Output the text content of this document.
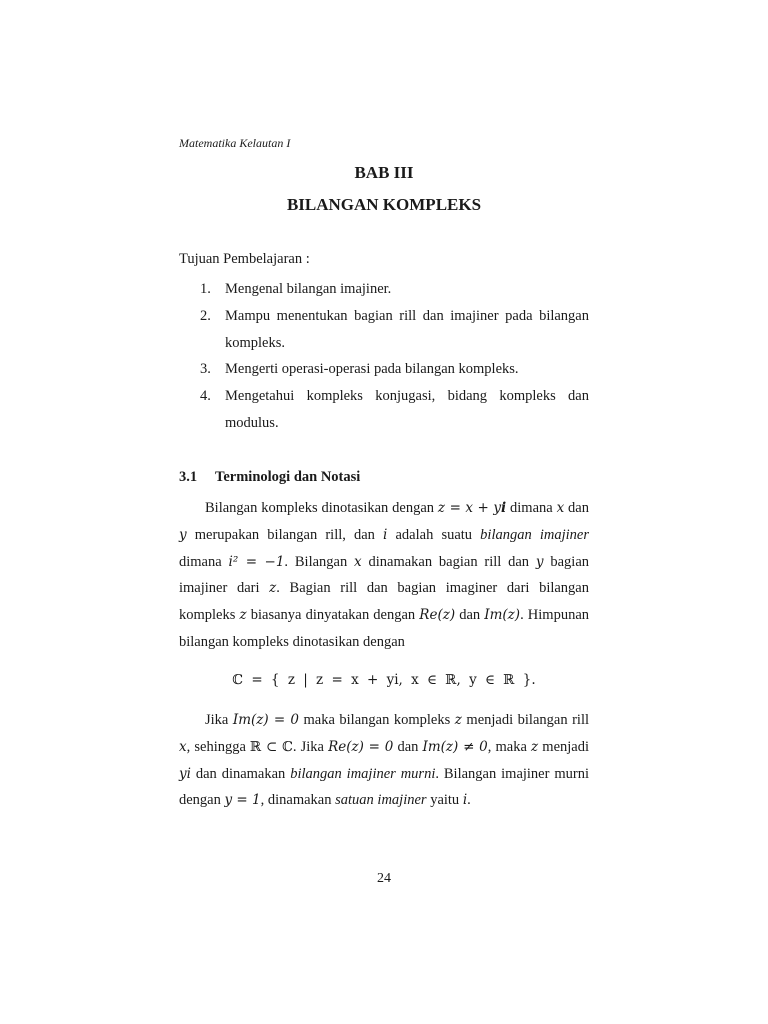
Matematika Kelautan I
BAB III
BILANGAN KOMPLEKS
Tujuan Pembelajaran :
1. Mengenal bilangan imajiner.
2. Mampu menentukan bagian rill dan imajiner pada bilangan kompleks.
3. Mengerti operasi-operasi pada bilangan kompleks.
4. Mengetahui kompleks konjugasi, bidang kompleks dan modulus.
3.1 Terminologi dan Notasi

Bilangan kompleks dinotasikan dengan z = x + yi dimana x dan y merupakan bilangan rill, dan i adalah suatu bilangan imajiner dimana i² = −1. Bilangan x dinamakan bagian rill dan y bagian imajiner dari z. Bagian rill dan bagian imaginer dari bilangan kompleks z biasanya dinyatakan dengan Re(z) dan Im(z). Himpunan bilangan kompleks dinotasikan dengan

ℂ = { z | z = x + yi, x ∈ ℝ, y ∈ ℝ }.

Jika Im(z) = 0 maka bilangan kompleks z menjadi bilangan rill x, sehingga ℝ ⊂ ℂ. Jika Re(z) = 0 dan Im(z) ≠ 0, maka z menjadi yi dan dinamakan bilangan imajiner murni. Bilangan imajiner murni dengan y = 1, dinamakan satuan imajiner yaitu i.

24
